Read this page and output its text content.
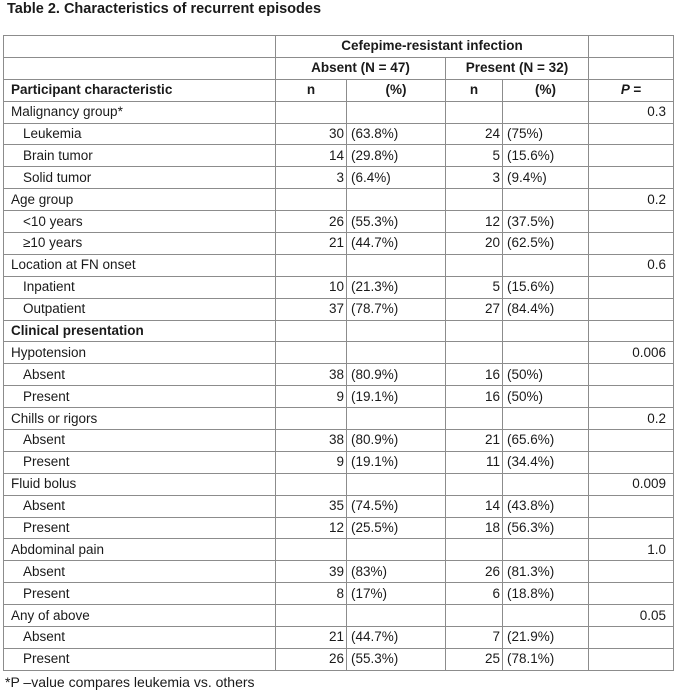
Table 2. Characteristics of recurrent episodes
	Cefepime-resistant infection				
	Absent (N = 47)		Present (N = 32)		
Participant characteristic	n	(%)	n	(%)	P =
Malignancy group*					0.3
Leukemia	30	(63.8%)	24	(75%)	
Brain tumor	14	(29.8%)	5	(15.6%)	
Solid tumor	3	(6.4%)	3	(9.4%)	
Age group					0.2
<10 years	26	(55.3%)	12	(37.5%)	
≥10 years	21	(44.7%)	20	(62.5%)	
Location at FN onset					0.6
Inpatient	10	(21.3%)	5	(15.6%)	
Outpatient	37	(78.7%)	27	(84.4%)	
Clinical presentation					
Hypotension					0.006
Absent	38	(80.9%)	16	(50%)	
Present	9	(19.1%)	16	(50%)	
Chills or rigors					0.2
Absent	38	(80.9%)	21	(65.6%)	
Present	9	(19.1%)	11	(34.4%)	
Fluid bolus					0.009
Absent	35	(74.5%)	14	(43.8%)	
Present	12	(25.5%)	18	(56.3%)	
Abdominal pain					1.0
Absent	39	(83%)	26	(81.3%)	
Present	8	(17%)	6	(18.8%)	
Any of above					0.05
Absent	21	(44.7%)	7	(21.9%)	
Present	26	(55.3%)	25	(78.1%)	
*P –value compares leukemia vs. others
